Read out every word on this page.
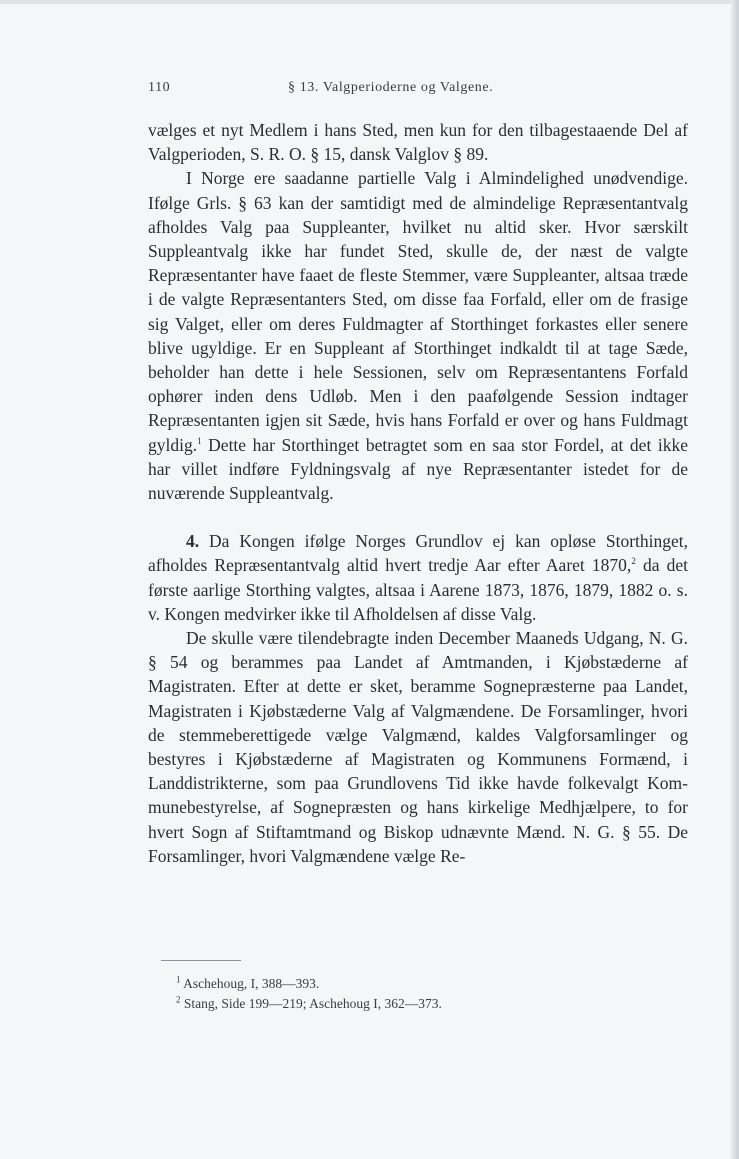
110	§ 13. Valgperioderne og Valgene.

vælges et nyt Medlem i hans Sted, men kun for den tilbagestaaende Del af Valgperioden, S. R. O. § 15, dansk Valglov § 89.

I Norge ere saadanne partielle Valg i Almindelighed unødvendige. Ifølge Grls. § 63 kan der samtidigt med de almindelige Repræsentantvalg afholdes Valg paa Suppleanter, hvilket nu altid sker. Hvor særskilt Suppleantvalg ikke har fundet Sted, skulle de, der næst de valgte Repræsentanter have faaet de fleste Stemmer, være Suppleanter, altsaa træde i de valgte Repræsentanters Sted, om disse faa Forfald, eller om de frasige sig Valget, eller om deres Fuldmagter af Storthinget forkastes eller senere blive ugyldige. Er en Suppleant af Storthinget indkaldt til at tage Sæde, beholder han dette i hele Sessionen, selv om Repræsentantens Forfald ophører inden dens Udløb. Men i den paafølgende Session indtager Repræsentanten igjen sit Sæde, hvis hans Forfald er over og hans Fuldmagt gyldig.$^1$ Dette har Storthinget betragtet som en saa stor Fordel, at det ikke har villet indføre Fyldningsvalg af nye Repræsentanter istedet for de nuværende Suppleantvalg.

4. Da Kongen ifølge Norges Grundlov ej kan opløse Storthinget, afholdes Repræsentantvalg altid hvert tredje Aar efter Aaret 1870,$^2$ da det første aarlige Storthing valgtes, altsaa i Aarene 1873, 1876, 1879, 1882 o. s. v. Kongen medvirker ikke til Afholdelsen af disse Valg.

De skulle være tilendebragte inden December Maaneds Udgang, N. G. § 54 og berammes paa Landet af Amtmanden, i Kjøbstæderne af Magistraten. Efter at dette er sket, beramme Sognepræsterne paa Landet, Magistraten i Kjøbstæderne Valg af Valgmændene. De Forsamlinger, hvori de stemmeberettigede vælge Valgmænd, kaldes Valgforsamlinger og bestyres i Kjøbstæderne af Magistraten og Kommunens Formænd, i Landdistrikterne, som paa Grundlovens Tid ikke havde folkevalgt Kommunebestyrelse, af Sognepræsten og hans kirkelige Medhjælpere, to for hvert Sogn af Stiftamtmand og Biskop udnævnte Mænd. N. G. § 55. De Forsamlinger, hvori Valgmændene vælge Re-

$^1$ Aschehoug, I, 388—393.

$^2$ Stang, Side 199—219; Aschehoug I, 362—373.
